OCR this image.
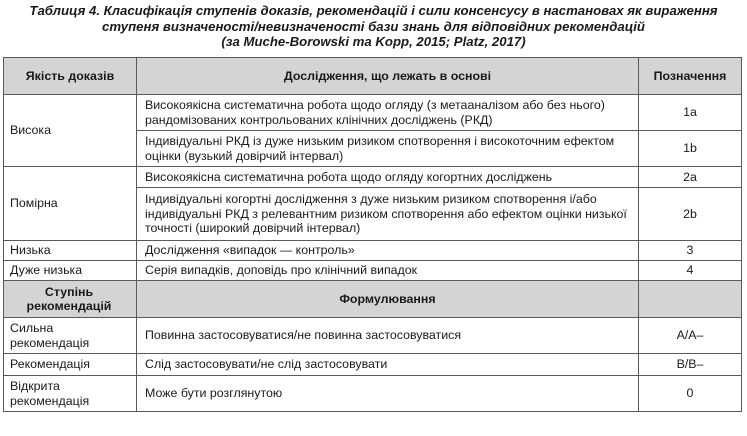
Таблиця 4. Класифікація ступенів доказів, рекомендацій і сили консенсусу в настановах як вираження
ступеня визначеності/невизначеності бази знань для відповідних рекомендацій
(за Muche-Borowski та Kopp, 2015; Platz, 2017)
Якість доказів	Дослідження, що лежать в основі	Позначення
Висока	Високоякісна систематична робота щодо огляду (з метааналізом або без нього) рандомізованих контрольованих клінічних досліджень (РКД)	1a
	Індивідуальні РКД із дуже низьким ризиком спотворення і високоточним ефектом оцінки (вузький довірчий інтервал)	1b
Помірна	Високоякісна систематична робота щодо огляду когортних досліджень	2a
	Індивідуальні когортні дослідження з дуже низьким ризиком спотворення і/або індивідуальні РКД з релевантним ризиком спотворення або ефектом оцінки низької точності (широкий довірчий інтервал)	2b
Низька	Дослідження «випадок — контроль»	3
Дуже низька	Серія випадків, доповідь про клінічний випадок	4
Ступінь рекомендацій	Формулювання	
Сильна рекомендація	Повинна застосовуватися/не повинна застосовуватися	A/A–
Рекомендація	Слід застосовувати/не слід застосовувати	B/B–
Відкрита рекомендація	Може бути розглянутою	0
